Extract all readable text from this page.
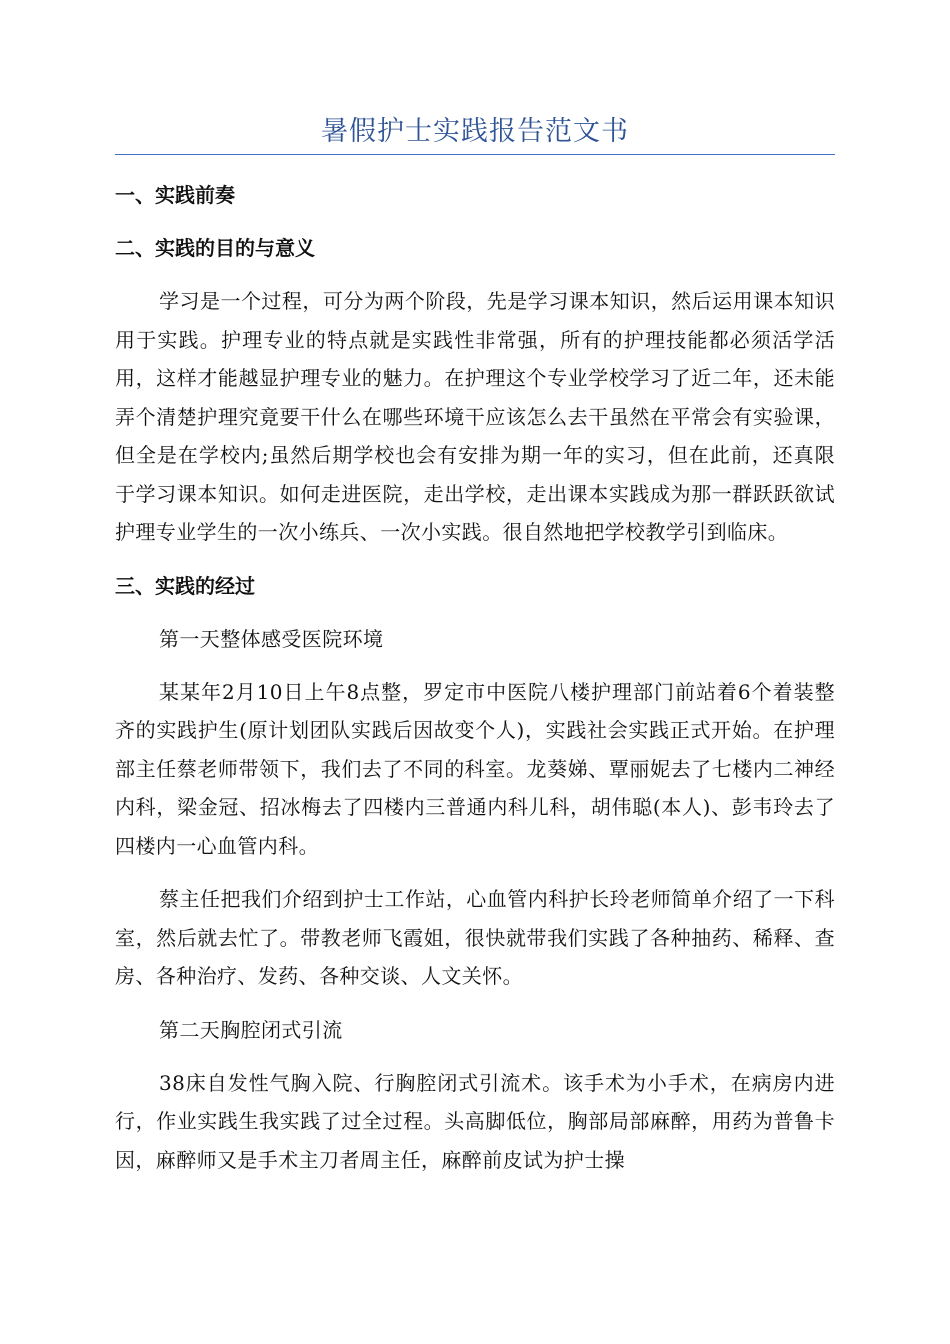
暑假护士实践报告范文书
一、实践前奏
二、实践的目的与意义
学习是一个过程，可分为两个阶段，先是学习课本知识，然后运用课本知识用于实践。护理专业的特点就是实践性非常强，所有的护理技能都必须活学活用，这样才能越显护理专业的魅力。在护理这个专业学校学习了近二年，还未能弄个清楚护理究竟要干什么在哪些环境干应该怎么去干虽然在平常会有实验课，但全是在学校内;虽然后期学校也会有安排为期一年的实习，但在此前，还真限于学习课本知识。如何走进医院，走出学校，走出课本实践成为那一群跃跃欲试护理专业学生的一次小练兵、一次小实践。很自然地把学校教学引到临床。
三、实践的经过
第一天整体感受医院环境
某某年2月10日上午8点整，罗定市中医院八楼护理部门前站着6个着装整齐的实践护生(原计划团队实践后因故变个人)，实践社会实践正式开始。在护理部主任蔡老师带领下，我们去了不同的科室。龙葵娣、覃丽妮去了七楼内二神经内科，梁金冠、招冰梅去了四楼内三普通内科儿科，胡伟聪(本人)、彭韦玲去了四楼内一心血管内科。
蔡主任把我们介绍到护士工作站，心血管内科护长玲老师简单介绍了一下科室，然后就去忙了。带教老师飞霞姐，很快就带我们实践了各种抽药、稀释、查房、各种治疗、发药、各种交谈、人文关怀。
第二天胸腔闭式引流
38床自发性气胸入院、行胸腔闭式引流术。该手术为小手术，在病房内进行，作业实践生我实践了过全过程。头高脚低位，胸部局部麻醉，用药为普鲁卡因，麻醉师又是手术主刀者周主任，麻醉前皮试为护士操
